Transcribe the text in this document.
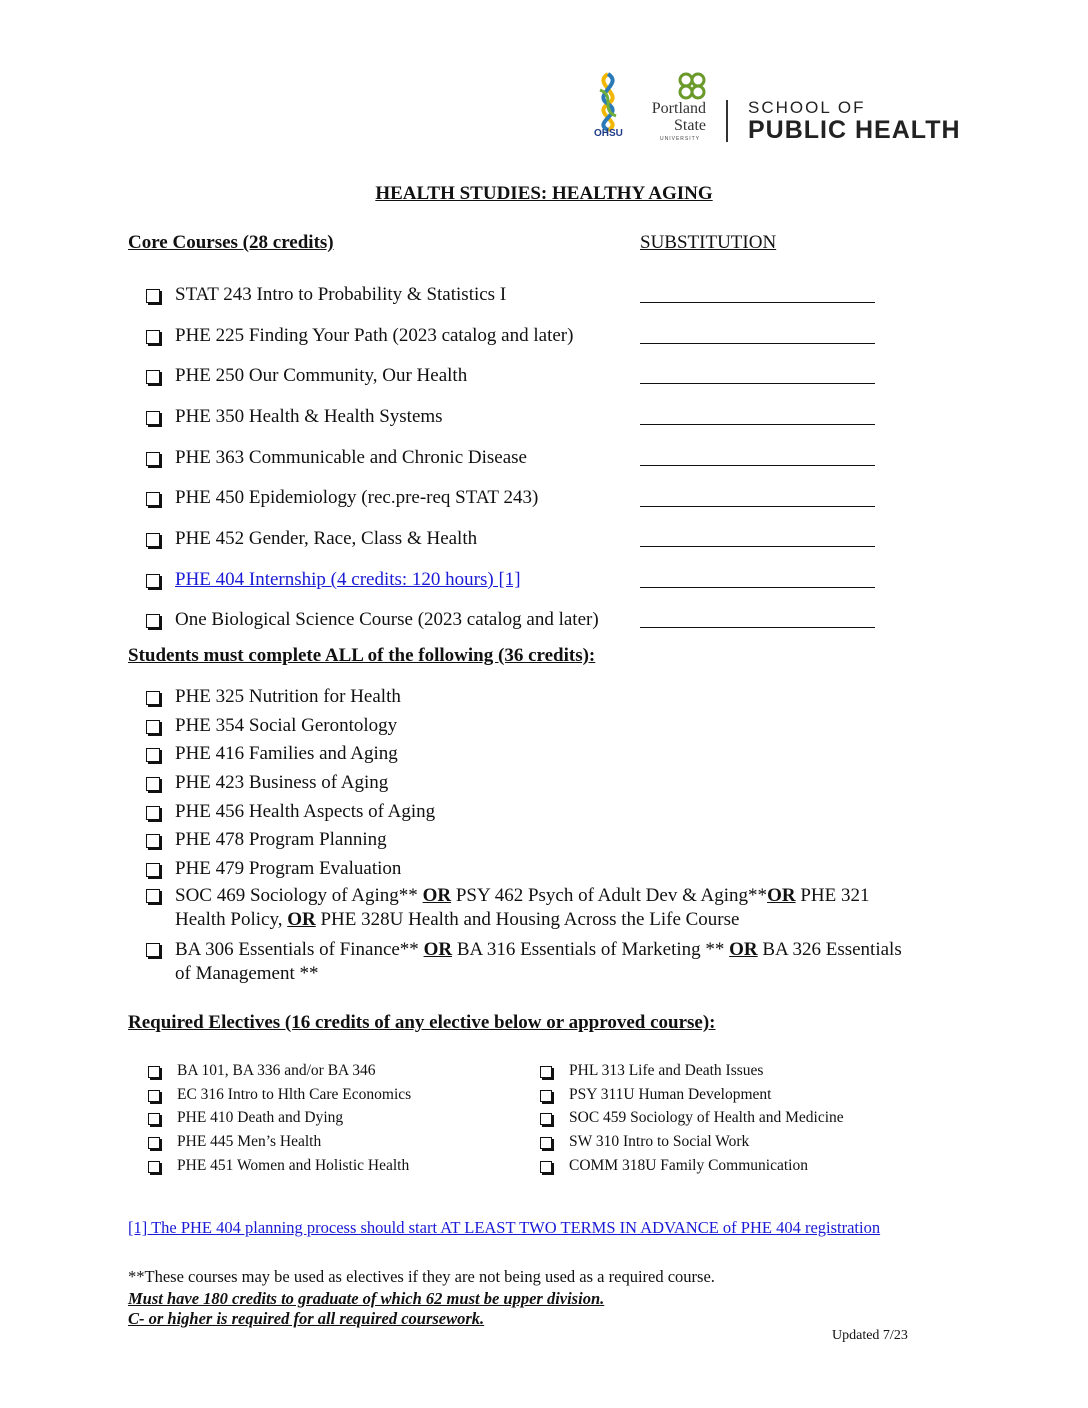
OHSU
Portland
State
UNIVERSITY
SCHOOL OF
PUBLIC HEALTH
HEALTH STUDIES: HEALTHY AGING
Core Courses (28 credits)	SUBSTITUTION
STAT 243 Intro to Probability & Statistics I
PHE 225 Finding Your Path (2023 catalog and later)
PHE 250 Our Community, Our Health
PHE 350 Health & Health Systems
PHE 363 Communicable and Chronic Disease
PHE 450 Epidemiology (rec.pre-req STAT 243)
PHE 452 Gender, Race, Class & Health
PHE 404 Internship (4 credits: 120 hours) [1]
One Biological Science Course (2023 catalog and later)
Students must complete ALL of the following (36 credits):
PHE 325 Nutrition for Health
PHE 354 Social Gerontology
PHE 416 Families and Aging
PHE 423 Business of Aging
PHE 456 Health Aspects of Aging
PHE 478 Program Planning
PHE 479 Program Evaluation
SOC 469 Sociology of Aging** OR PSY 462 Psych of Adult Dev & Aging**OR PHE 321
Health Policy, OR PHE 328U Health and Housing Across the Life Course
BA 306 Essentials of Finance** OR BA 316 Essentials of Marketing ** OR BA 326 Essentials
of Management **
Required Electives (16 credits of any elective below or approved course):
BA 101, BA 336 and/or BA 346
EC 316 Intro to Hlth Care Economics
PHE 410 Death and Dying
PHE 445 Men’s Health
PHE 451 Women and Holistic Health
PHL 313 Life and Death Issues
PSY 311U Human Development
SOC 459 Sociology of Health and Medicine
SW 310 Intro to Social Work
COMM 318U Family Communication
[1] The PHE 404 planning process should start AT LEAST TWO TERMS IN ADVANCE of PHE 404 registration
**These courses may be used as electives if they are not being used as a required course.
Must have 180 credits to graduate of which 62 must be upper division.
C- or higher is required for all required coursework.
Updated 7/23
